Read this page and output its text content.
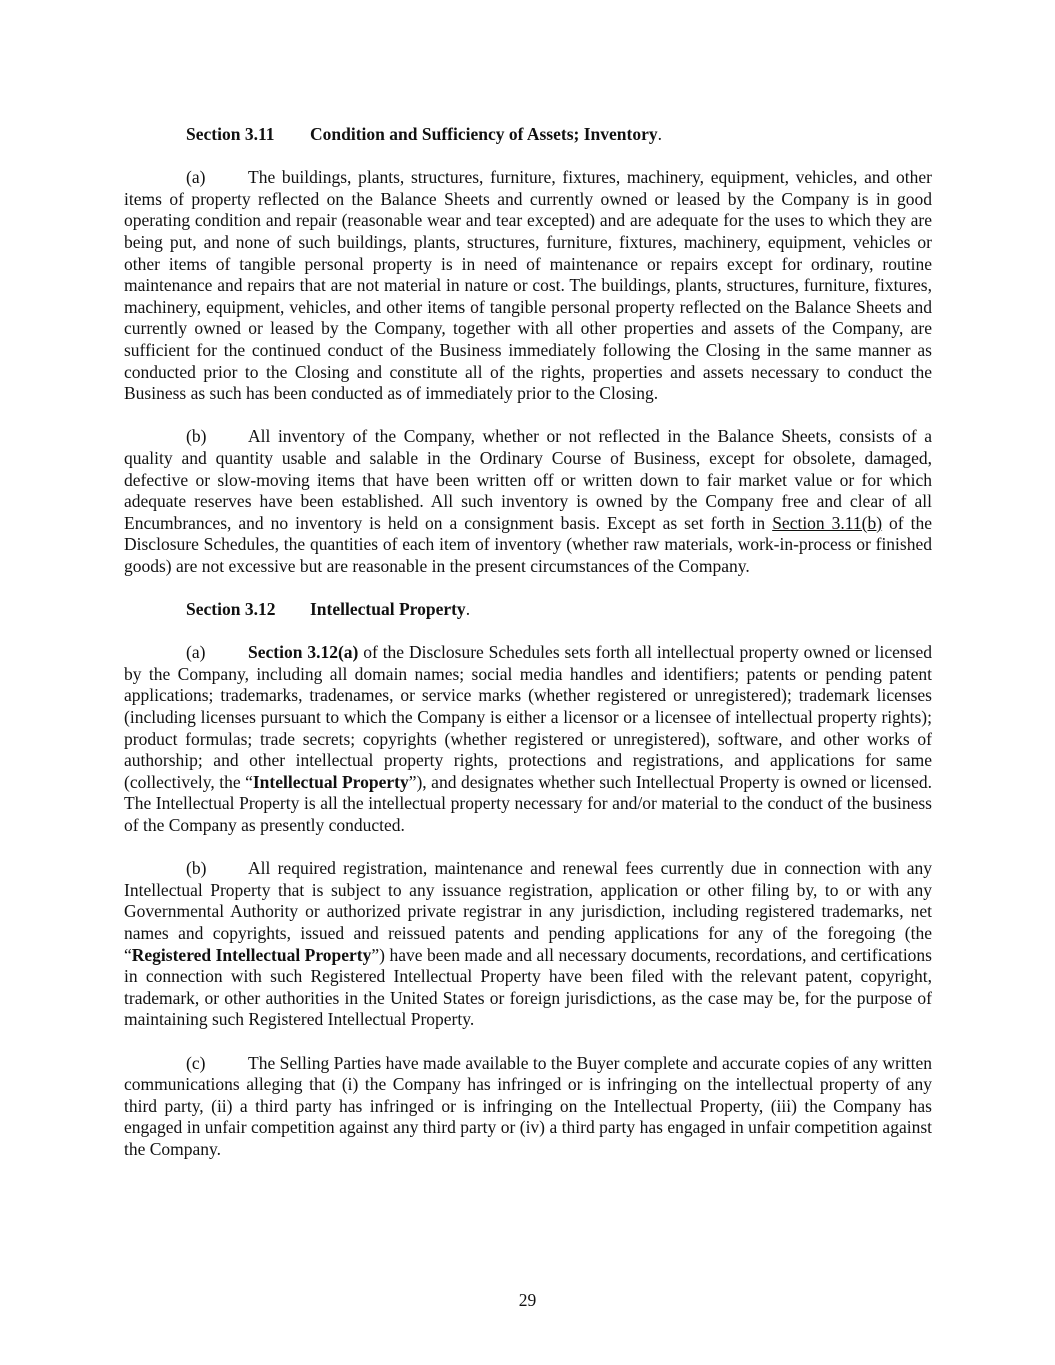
Section 3.11 Condition and Sufficiency of Assets; Inventory.

(a) The buildings, plants, structures, furniture, fixtures, machinery, equipment, vehicles, and other items of property reflected on the Balance Sheets and currently owned or leased by the Company is in good operating condition and repair (reasonable wear and tear excepted) and are adequate for the uses to which they are being put, and none of such buildings, plants, structures, furniture, fixtures, machinery, equipment, vehicles or other items of tangible personal property is in need of maintenance or repairs except for ordinary, routine maintenance and repairs that are not material in nature or cost. The buildings, plants, structures, furniture, fixtures, machinery, equipment, vehicles, and other items of tangible personal property reflected on the Balance Sheets and currently owned or leased by the Company, together with all other properties and assets of the Company, are sufficient for the continued conduct of the Business immediately following the Closing in the same manner as conducted prior to the Closing and constitute all of the rights, properties and assets necessary to conduct the Business as such has been conducted as of immediately prior to the Closing.

(b) All inventory of the Company, whether or not reflected in the Balance Sheets, consists of a quality and quantity usable and salable in the Ordinary Course of Business, except for obsolete, damaged, defective or slow-moving items that have been written off or written down to fair market value or for which adequate reserves have been established. All such inventory is owned by the Company free and clear of all Encumbrances, and no inventory is held on a consignment basis. Except as set forth in Section 3.11(b) of the Disclosure Schedules, the quantities of each item of inventory (whether raw materials, work-in-process or finished goods) are not excessive but are reasonable in the present circumstances of the Company.

Section 3.12 Intellectual Property.

(a) Section 3.12(a) of the Disclosure Schedules sets forth all intellectual property owned or licensed by the Company, including all domain names; social media handles and identifiers; patents or pending patent applications; trademarks, tradenames, or service marks (whether registered or unregistered); trademark licenses (including licenses pursuant to which the Company is either a licensor or a licensee of intellectual property rights); product formulas; trade secrets; copyrights (whether registered or unregistered), software, and other works of authorship; and other intellectual property rights, protections and registrations, and applications for same (collectively, the “Intellectual Property”), and designates whether such Intellectual Property is owned or licensed. The Intellectual Property is all the intellectual property necessary for and/or material to the conduct of the business of the Company as presently conducted.

(b) All required registration, maintenance and renewal fees currently due in connection with any Intellectual Property that is subject to any issuance registration, application or other filing by, to or with any Governmental Authority or authorized private registrar in any jurisdiction, including registered trademarks, net names and copyrights, issued and reissued patents and pending applications for any of the foregoing (the “Registered Intellectual Property”) have been made and all necessary documents, recordations, and certifications in connection with such Registered Intellectual Property have been filed with the relevant patent, copyright, trademark, or other authorities in the United States or foreign jurisdictions, as the case may be, for the purpose of maintaining such Registered Intellectual Property.

(c) The Selling Parties have made available to the Buyer complete and accurate copies of any written communications alleging that (i) the Company has infringed or is infringing on the intellectual property of any third party, (ii) a third party has infringed or is infringing on the Intellectual Property, (iii) the Company has engaged in unfair competition against any third party or (iv) a third party has engaged in unfair competition against the Company.

29
